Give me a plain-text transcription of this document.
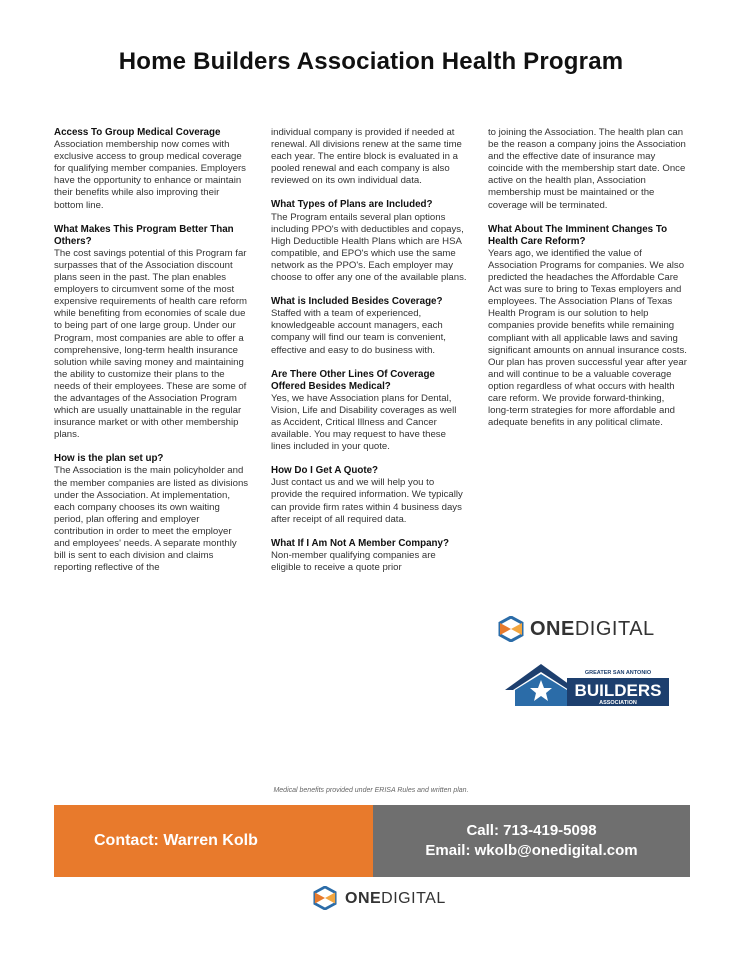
Home Builders Association Health Program
Access To Group Medical Coverage

Association membership now comes with exclusive access to group medical coverage for qualifying member companies. Employers have the opportunity to enhance or maintain their benefits while also improving their bottom line.

What Makes This Program Better Than Others?

The cost savings potential of this Program far surpasses that of the Association discount plans seen in the past. The plan enables employers to circumvent some of the most expensive requirements of health care reform while benefiting from economies of scale due to being part of one large group. Under our Program, most companies are able to offer a comprehensive, long-term health insurance solution while saving money and maintaining the ability to customize their plans to the needs of their employees. These are some of the advantages of the Association Program which are usually unattainable in the regular insurance market or with other membership plans.

How is the plan set up?

The Association is the main policyholder and the member companies are listed as divisions under the Association. At implementation, each company chooses its own waiting period, plan offering and employer contribution in order to meet the employer and employees' needs. A separate monthly bill is sent to each division and claims reporting reflective of the

individual company is provided if needed at renewal. All divisions renew at the same time each year. The entire block is evaluated in a pooled renewal and each company is also reviewed on its own individual data.

What Types of Plans are Included?

The Program entails several plan options including PPO's with deductibles and copays, High Deductible Health Plans which are HSA compatible, and EPO's which use the same network as the PPO's. Each employer may choose to offer any one of the available plans.

What is Included Besides Coverage?

Staffed with a team of experienced, knowledgeable account managers, each company will find our team is convenient, effective and easy to do business with.

Are There Other Lines Of Coverage Offered Besides Medical?

Yes, we have Association plans for Dental, Vision, Life and Disability coverages as well as Accident, Critical Illness and Cancer available. You may request to have these lines included in your quote.

How Do I Get A Quote?

Just contact us and we will help you to provide the required information. We typically can provide firm rates within 4 business days after receipt of all required data.

What If I Am Not A Member Company?

Non-member qualifying companies are eligible to receive a quote prior

to joining the Association. The health plan can be the reason a company joins the Association and the effective date of insurance may coincide with the membership start date. Once active on the health plan, Association membership must be maintained or the coverage will be terminated.

What About The Imminent Changes To Health Care Reform?

Years ago, we identified the value of Association Programs for companies. We also predicted the headaches the Affordable Care Act was sure to bring to Texas employers and employees. The Association Plans of Texas Health Program is our solution to help companies provide benefits while remaining compliant with all applicable laws and saving significant amounts on annual insurance costs. Our plan has proven successful year after year and will continue to be a valuable coverage option regardless of what occurs with health care reform. We provide forward-thinking, long-term strategies for more affordable and adequate benefits in any political climate.

ONEDIGITAL
GREATER SAN ANTONIO
BUILDERS
ASSOCIATION
Medical benefits provided under ERISA Rules and written plan.
Contact: Warren Kolb
Call: 713-419-5098
Email: wkolb@onedigital.com
ONEDIGITAL
